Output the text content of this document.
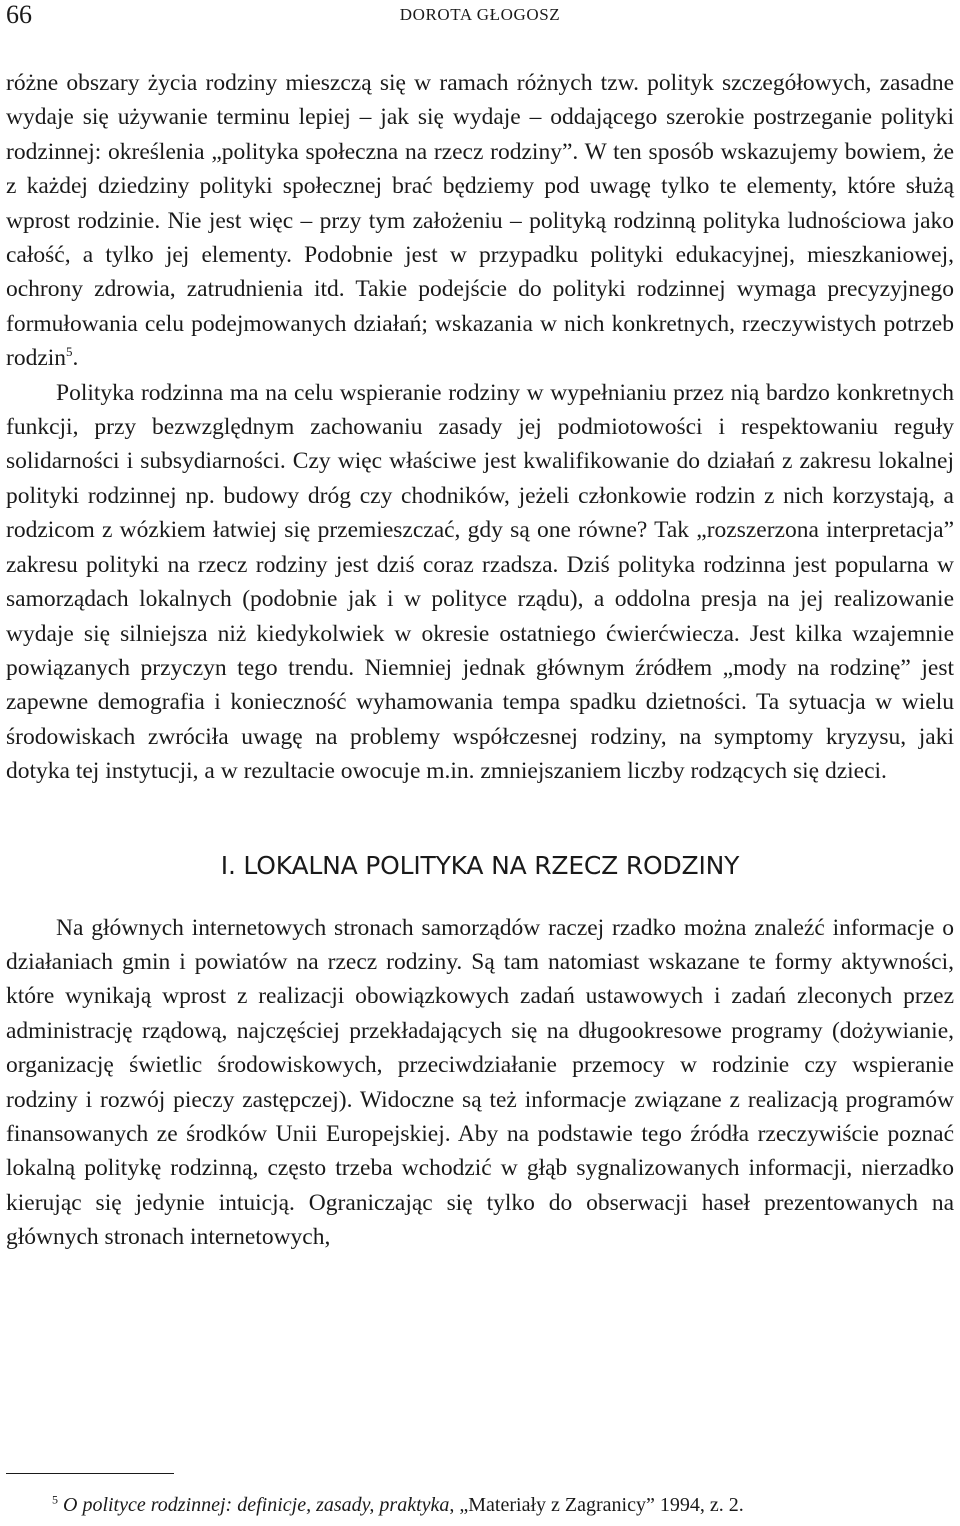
66	DOROTA GŁOGOSZ

różne obszary życia rodziny mieszczą się w ramach różnych tzw. polityk szczegółowych, zasadne wydaje się używanie terminu lepiej – jak się wydaje – oddającego szerokie postrzeganie polityki rodzinnej: określenia „polityka społeczna na rzecz rodziny”. W ten sposób wskazujemy bowiem, że z każdej dziedziny polityki społecznej brać będziemy pod uwagę tylko te elementy, które służą wprost rodzinie. Nie jest więc – przy tym założeniu – polityką rodzinną polityka ludnościowa jako całość, a tylko jej elementy. Podobnie jest w przypadku polityki edukacyjnej, mieszkaniowej, ochrony zdrowia, zatrudnienia itd. Takie podejście do polityki rodzinnej wymaga precyzyjnego formułowania celu podejmowanych działań; wskazania w nich konkretnych, rzeczywistych potrzeb rodzin$^5$.

Polityka rodzinna ma na celu wspieranie rodziny w wypełnianiu przez nią bardzo konkretnych funkcji, przy bezwzględnym zachowaniu zasady jej podmiotowości i respektowaniu reguły solidarności i subsydiarności. Czy więc właściwe jest kwalifikowanie do działań z zakresu lokalnej polityki rodzinnej np. budowy dróg czy chodników, jeżeli członkowie rodzin z nich korzystają, a rodzicom z wózkiem łatwiej się przemieszczać, gdy są one równe? Tak „rozszerzona interpretacja” zakresu polityki na rzecz rodziny jest dziś coraz rzadsza. Dziś polityka rodzinna jest popularna w samorządach lokalnych (podobnie jak i w polityce rządu), a oddolna presja na jej realizowanie wydaje się silniejsza niż kiedykolwiek w okresie ostatniego ćwierćwiecza. Jest kilka wzajemnie powiązanych przyczyn tego trendu. Niemniej jednak głównym źródłem „mody na rodzinę” jest zapewne demografia i konieczność wyhamowania tempa spadku dzietności. Ta sytuacja w wielu środowiskach zwróciła uwagę na problemy współczesnej rodziny, na symptomy kryzysu, jaki dotyka tej instytucji, a w rezultacie owocuje m.in. zmniejszaniem liczby rodzących się dzieci.

I. LOKALNA POLITYKA NA RZECZ RODZINY

Na głównych internetowych stronach samorządów raczej rzadko można znaleźć informacje o działaniach gmin i powiatów na rzecz rodziny. Są tam natomiast wskazane te formy aktywności, które wynikają wprost z realizacji obowiązkowych zadań ustawowych i zadań zleconych przez administrację rządową, najczęściej przekładających się na długookresowe programy (dożywianie, organizację świetlic środowiskowych, przeciwdziałanie przemocy w rodzinie czy wspieranie rodziny i rozwój pieczy zastępczej). Widoczne są też informacje związane z realizacją programów finansowanych ze środków Unii Europejskiej. Aby na podstawie tego źródła rzeczywiście poznać lokalną politykę rodzinną, często trzeba wchodzić w głąb sygnalizowanych informacji, nierzadko kierując się jedynie intuicją. Ograniczając się tylko do obserwacji haseł prezentowanych na głównych stronach internetowych,

$^5$ O polityce rodzinnej: definicje, zasady, praktyka, „Materiały z Zagranicy” 1994, z. 2.
